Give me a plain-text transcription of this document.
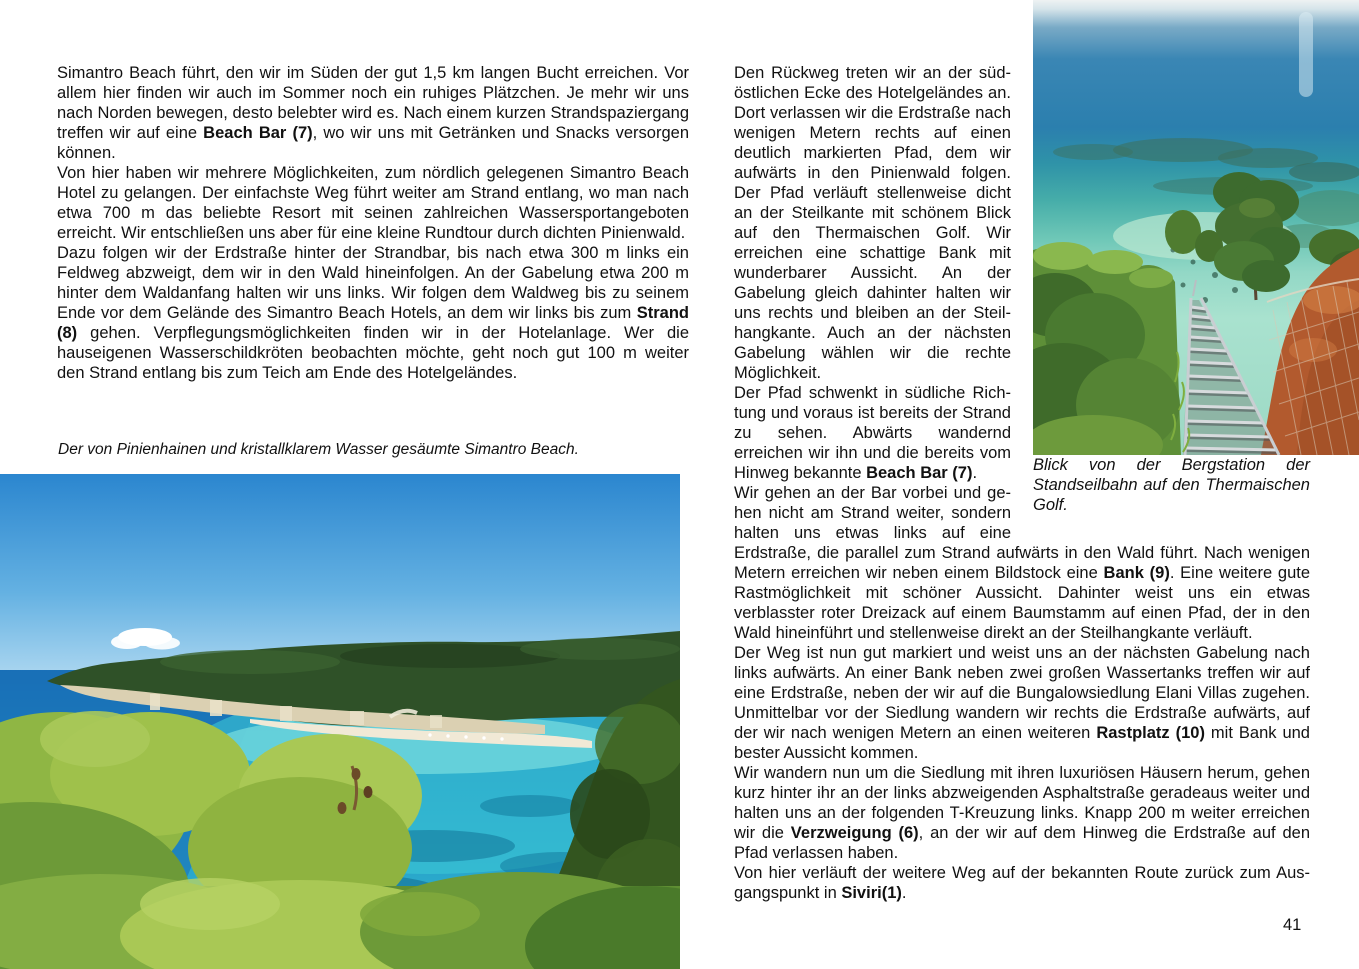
Simantro Beach führt, den wir im Süden der gut 1,5 km langen Bucht erreichen. Vor allem hier finden wir auch im Sommer noch ein ruhiges Plätzchen. Je mehr wir uns nach Norden bewegen, desto belebter wird es. Nach einem kurzen Strandspaziergang treffen wir auf eine Beach Bar (7), wo wir uns mit Getränken und Snacks versorgen können.

Von hier haben wir mehrere Möglichkeiten, zum nördlich gelegenen Simantro Beach Hotel zu gelangen. Der einfachste Weg führt weiter am Strand entlang, wo man nach etwa 700 m das beliebte Resort mit seinen zahlreichen Wassersportangeboten erreicht. Wir entschließen uns aber für eine kleine Rundtour durch dichten Pinienwald.

Dazu folgen wir der Erdstraße hinter der Strandbar, bis nach etwa 300 m links ein Feldweg abzweigt, dem wir in den Wald hineinfolgen. An der Gabelung etwa 200 m hinter dem Waldanfang halten wir uns links. Wir folgen dem Waldweg bis zu seinem Ende vor dem Gelände des Simantro Beach Hotels, an dem wir links bis zum Strand (8) gehen. Verpflegungsmöglichkeiten finden wir in der Hotelanlage. Wer die hauseigenen Wasserschildkröten beobachten möchte, geht noch gut 100 m weiter den Strand entlang bis zum Teich am Ende des Hotelgeländes.

Der von Pinienhainen und kristallklarem Wasser gesäumte Simantro Beach.

Blick von der Bergstation der Standseilbahn auf den Thermaischen Golf.

Den Rückweg treten wir an der südöstlichen Ecke des Hotelgeländes an. Dort verlassen wir die Erdstraße nach wenigen Metern rechts auf einen deutlich markierten Pfad, dem wir aufwärts in den Pinienwald folgen. Der Pfad verläuft stellenweise dicht an der Steilkante mit schönem Blick auf den Thermaischen Golf. Wir erreichen eine schattige Bank mit wunderbarer Aussicht. An der Gabelung gleich dahinter halten wir uns rechts und bleiben an der Steilhangkante. Auch an der nächsten Gabelung wählen wir die rechte Möglichkeit.

Der Pfad schwenkt in südliche Richtung und voraus ist bereits der Strand zu sehen. Abwärts wandernd erreichen wir ihn und die bereits vom Hinweg bekannte Beach Bar (7).

Wir gehen an der Bar vorbei und gehen nicht am Strand weiter, sondern halten uns etwas links auf eine Erdstraße, die parallel zum Strand aufwärts in den Wald führt. Nach wenigen Metern erreichen wir neben einem Bildstock eine Bank (9). Eine weitere gute Rastmöglichkeit mit schöner Aussicht. Dahinter weist uns ein etwas verblasster roter Dreizack auf einem Baumstamm auf einen Pfad, der in den Wald hineinführt und stellenweise direkt an der Steilhangkante verläuft.

Der Weg ist nun gut markiert und weist uns an der nächsten Gabelung nach links aufwärts. An einer Bank neben zwei großen Wassertanks treffen wir auf eine Erdstraße, neben der wir auf die Bungalowsiedlung Elani Villas zugehen. Unmittelbar vor der Siedlung wandern wir rechts die Erdstraße aufwärts, auf der wir nach wenigen Metern an einen weiteren Rastplatz (10) mit Bank und bester Aussicht kommen.

Wir wandern nun um die Siedlung mit ihren luxuriösen Häusern herum, gehen kurz hinter ihr an der links abzweigenden Asphaltstraße geradeaus weiter und halten uns an der folgenden T-Kreuzung links. Knapp 200 m weiter erreichen wir die Verzweigung (6), an der wir auf dem Hinweg die Erdstraße auf den Pfad verlassen haben.

Von hier verläuft der weitere Weg auf der bekannten Route zurück zum Ausgangspunkt in Siviri(1).

41
